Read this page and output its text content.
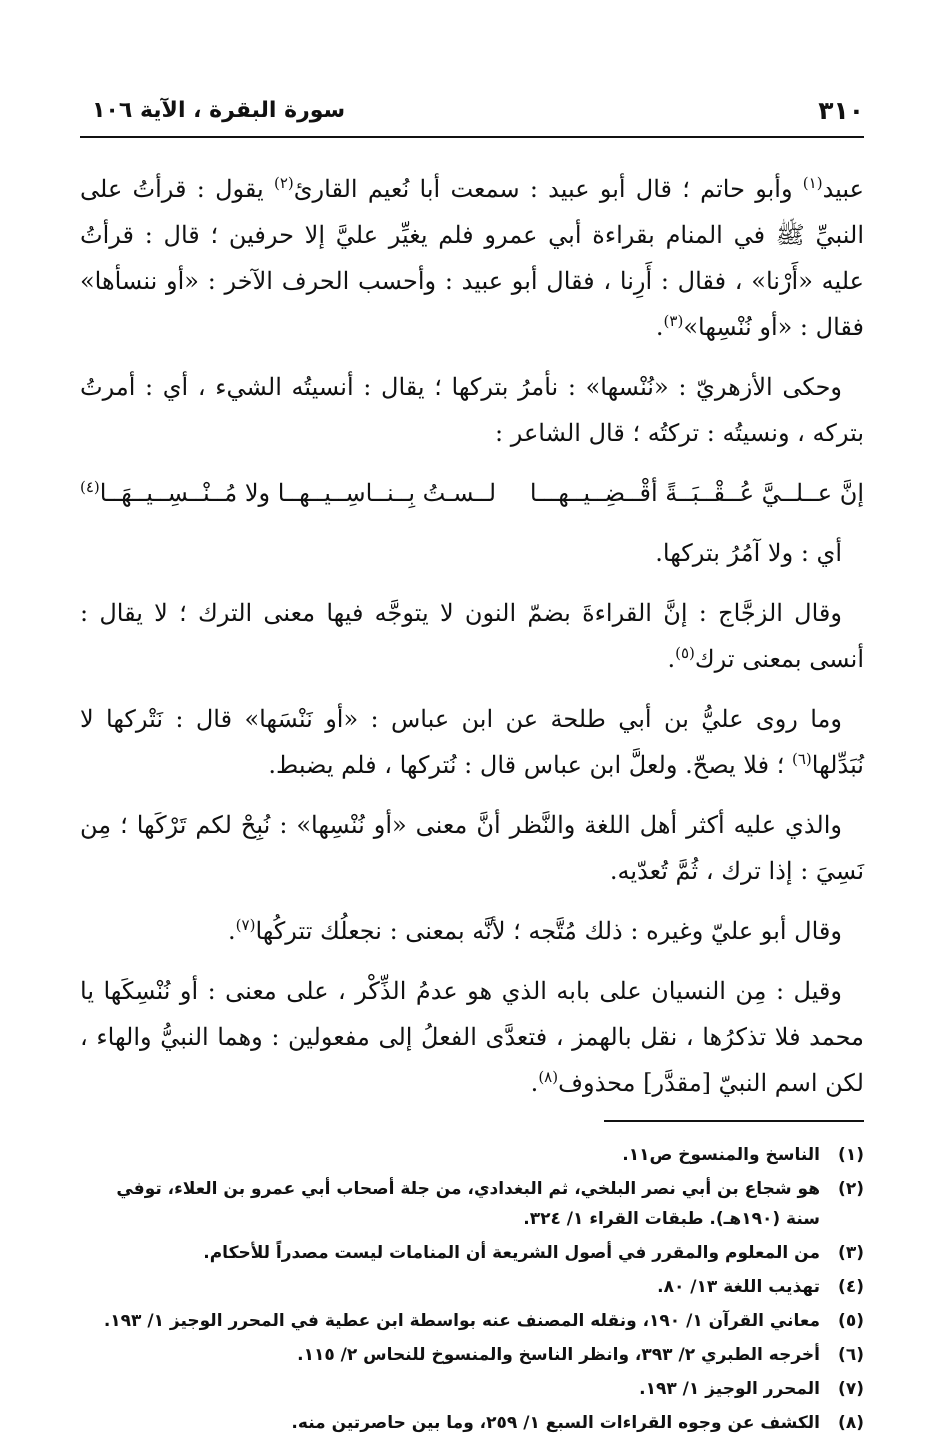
٣١٠
سورة البقرة ، الآية ١٠٦

عبيد$^{(١)}$ وأبو حاتم ؛ قال أبو عبيد : سمعت أبا نُعيم القارئ$^{(٢)}$ يقول : قرأتُ على النبيِّ ﷺ في المنام بقراءة أبي عمرو فلم يغيِّر عليَّ إلا حرفين ؛ قال : قرأتُ عليه «أَرْنا» ، فقال : أَرِنا ، فقال أبو عبيد : وأحسب الحرف الآخر : «أو ننسأها» فقال : «أو نُنْسِها»$^{(٣)}$.

وحكى الأزهريّ : «نُنْسها» : نأمرُ بتركها ؛ يقال : أنسيتُه الشيء ، أي : أمرتُ بتركه ، ونسيتُه : تركتُه ؛ قال الشاعر :

إنَّ عــلــيَّ عُــقْــبَــةً أقْــضِــيــهـــا
لــسـتُ بِــنــاسِــيــهــا ولا مُــنْــسِــيــهَــا$^{(٤)}$

أي : ولا آمُرُ بتركها.

وقال الزجَّاج : إنَّ القراءةَ بضمّ النون لا يتوجَّه فيها معنى الترك ؛ لا يقال : أنسى بمعنى ترك$^{(٥)}$.

وما روى عليُّ بن أبي طلحة عن ابن عباس : «أو نَنْسَها» قال : نَتْركها لا نُبَدِّلها$^{(٦)}$ ؛ فلا يصحّ. ولعلَّ ابن عباس قال : نُتركها ، فلم يضبط.

والذي عليه أكثر أهل اللغة والنَّظر أنَّ معنى «أو نُنْسِها» : نُبِحْ لكم تَرْكَها ؛ مِن نَسِيَ : إذا ترك ، ثُمَّ تُعدّيه.

وقال أبو عليّ وغيره : ذلك مُتَّجه ؛ لأنَّه بمعنى : نجعلُك تتركُها$^{(٧)}$.

وقيل : مِن النسيان على بابه الذي هو عدمُ الذِّكْر ، على معنى : أو نُنْسِكَها يا محمد فلا تذكرُها ، نقل بالهمز ، فتعدَّى الفعلُ إلى مفعولين : وهما النبيُّ والهاء ، لكن اسم النبيّ [مقدَّر] محذوف$^{(٨)}$.

(١)
الناسخ والمنسوخ ص١١.
(٢)
هو شجاع بن أبي نصر البلخي، ثم البغدادي، من جلة أصحاب أبي عمرو بن العلاء، توفي سنة (١٩٠هـ). طبقات القراء ١/ ٣٢٤.
(٣)
من المعلوم والمقرر في أصول الشريعة أن المنامات ليست مصدراً للأحكام.
(٤)
تهذيب اللغة ١٣/ ٨٠.
(٥)
معاني القرآن ١/ ١٩٠، ونقله المصنف عنه بواسطة ابن عطية في المحرر الوجيز ١/ ١٩٣.
(٦)
أخرجه الطبري ٢/ ٣٩٣، وانظر الناسخ والمنسوخ للنحاس ٢/ ١١٥.
(٧)
المحرر الوجيز ١/ ١٩٣.
(٨)
الكشف عن وجوه القراءات السبع ١/ ٢٥٩، وما بين حاصرتين منه.
